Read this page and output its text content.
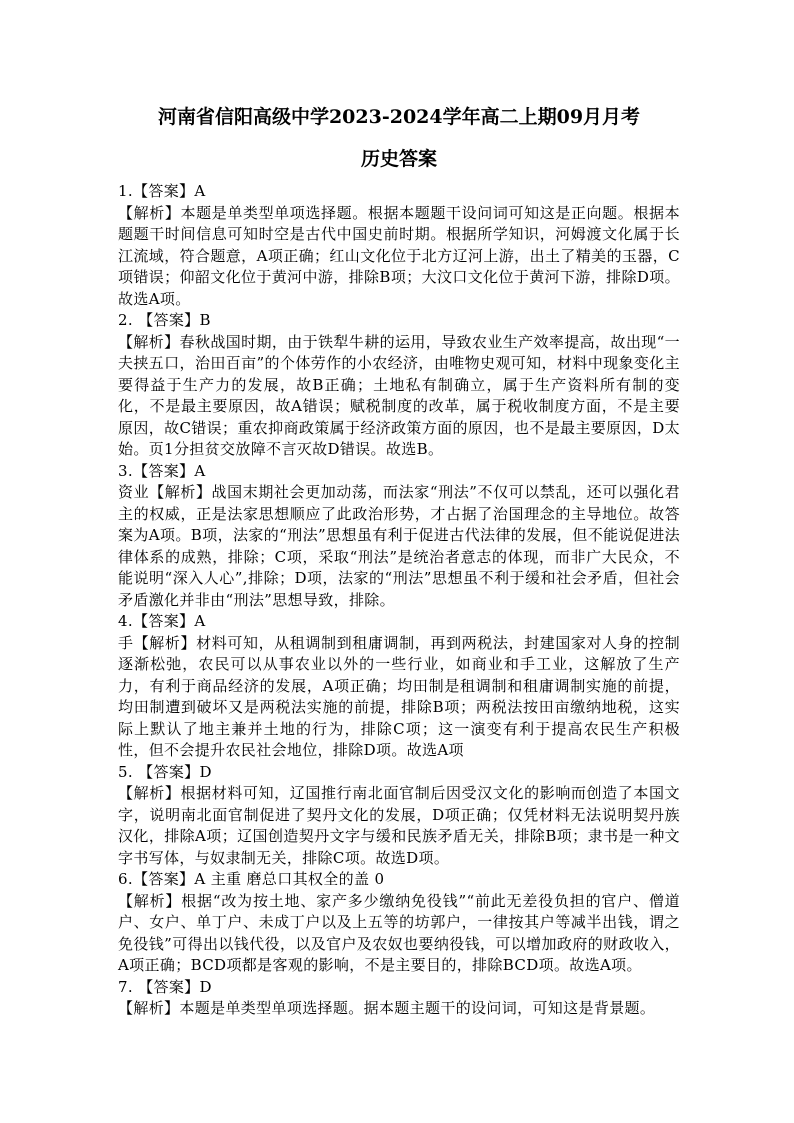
河南省信阳高级中学2023-2024学年高二上期09月月考
历史答案

1.【答案】A

【解析】本题是单类型单项选择题。根据本题题干设问词可知这是正向题。根据本题题干时间信息可知时空是古代中国史前时期。根据所学知识，河姆渡文化属于长江流域，符合题意，A项正确；红山文化位于北方辽河上游，出土了精美的玉器，C项错误；仰韶文化位于黄河中游，排除B项；大汶口文化位于黄河下游，排除D项。故选A项。

2. 【答案】B

【解析】春秋战国时期，由于铁犁牛耕的运用，导致农业生产效率提高，故出现“一夫挟五口，治田百亩”的个体劳作的小农经济，由唯物史观可知，材料中现象变化主要得益于生产力的发展，故B正确；土地私有制确立，属于生产资料所有制的变化，不是最主要原因，故A错误；赋税制度的改革，属于税收制度方面，不是主要原因，故C错误；重农抑商政策属于经济政策方面的原因，也不是最主要原因，D太始。页1分担贫交放障不言灭故D错误。故选B。

3.【答案】A

资业【解析】战国末期社会更加动荡，而法家“刑法”不仅可以禁乱，还可以强化君主的权威，正是法家思想顺应了此政治形势，才占据了治国理念的主导地位。故答案为A项。B项，法家的“刑法”思想虽有利于促进古代法律的发展，但不能说促进法律体系的成熟，排除；C项，采取“刑法”是统治者意志的体现，而非广大民众，不能说明“深入人心”,排除；D项，法家的“刑法”思想虽不利于缓和社会矛盾，但社会矛盾激化并非由“刑法”思想导致，排除。

4.【答案】A

手【解析】材料可知，从租调制到租庸调制，再到两税法，封建国家对人身的控制逐渐松弛，农民可以从事农业以外的一些行业，如商业和手工业，这解放了生产力，有利于商品经济的发展，A项正确；均田制是租调制和租庸调制实施的前提，均田制遭到破坏又是两税法实施的前提，排除B项；两税法按田亩缴纳地税，这实际上默认了地主兼并土地的行为，排除C项；这一演变有利于提高农民生产积极性，但不会提升农民社会地位，排除D项。故选A项

5. 【答案】D

【解析】根据材料可知，辽国推行南北面官制后因受汉文化的影响而创造了本国文字，说明南北面官制促进了契丹文化的发展，D项正确；仅凭材料无法说明契丹族汉化，排除A项；辽国创造契丹文字与缓和民族矛盾无关，排除B项；隶书是一种文字书写体，与奴隶制无关，排除C项。故选D项。

6.【答案】A 主重 磨总口其权全的盖 0

【解析】根据“改为按土地、家产多少缴纳免役钱”“前此无差役负担的官户、僧道户、女户、单丁户、未成丁户以及上五等的坊郭户，一律按其户等减半出钱，谓之免役钱”可得出以钱代役，以及官户及农奴也要纳役钱，可以增加政府的财政收入，A项正确；BCD项都是客观的影响，不是主要目的，排除BCD项。故选A项。

7. 【答案】D

【解析】本题是单类型单项选择题。据本题主题干的设问词，可知这是背景题。
